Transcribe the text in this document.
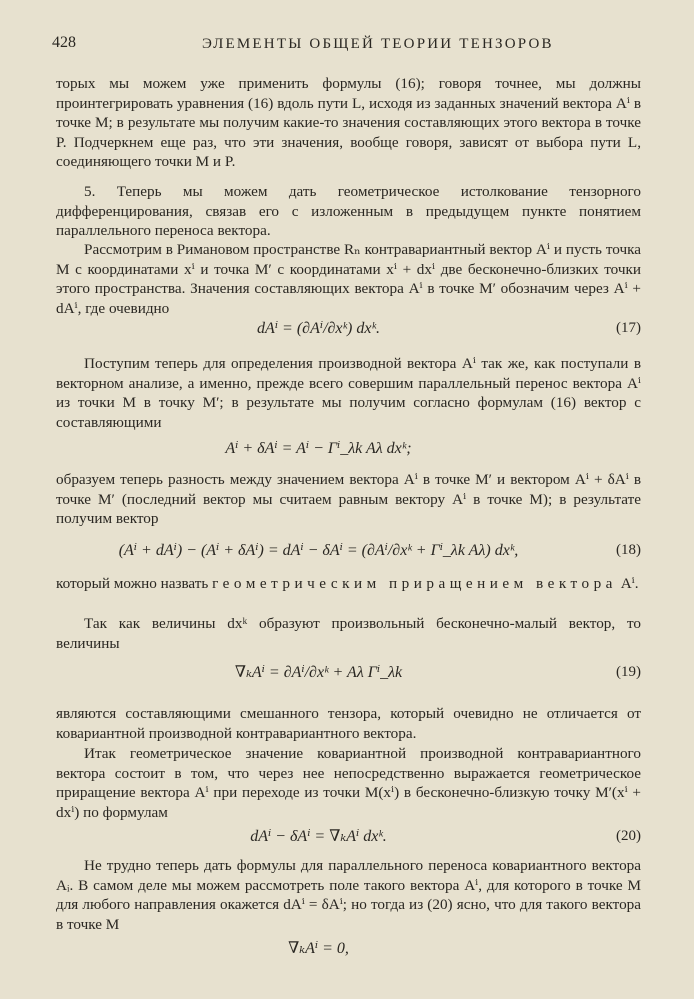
428	ЭЛЕМЕНТЫ ОБЩЕЙ ТЕОРИИ ТЕНЗОРОВ

торых мы можем уже применить формулы (16); говоря точнее, мы должны проинтегрировать уравнения (16) вдоль пути L, исходя из заданных значений вектора Aⁱ в точке M; в результате мы получим какие-то значения составляющих этого вектора в точке P. Подчеркнем еще раз, что эти значения, вообще говоря, зависят от выбора пути L, соединяющего точки M и P.

5. Теперь мы можем дать геометрическое истолкование тензорного дифференцирования, связав его с изложенным в предыдущем пункте понятием параллельного переноса вектора.

Рассмотрим в Римановом пространстве Rₙ контравариантный вектор Aⁱ и пусть точка M с координатами xⁱ и точка M′ с координатами xⁱ + dxⁱ две бесконечно-близких точки этого пространства. Значения составляющих вектора Aⁱ в точке M′ обозначим через Aⁱ + dAⁱ, где очевидно

dAⁱ = (∂Aⁱ/∂xᵏ) dxᵏ.	(17)

Поступим теперь для определения производной вектора Aⁱ так же, как поступали в векторном анализе, а именно, прежде всего совершим параллельный перенос вектора Aⁱ из точки M в точку M′; в результате мы получим согласно формулам (16) вектор с составляющими

Aⁱ + δAⁱ = Aⁱ − Γⁱ_λk Aλ dxᵏ;

образуем теперь разность между значением вектора Aⁱ в точке M′ и вектором Aⁱ + δAⁱ в точке M′ (последний вектор мы считаем равным вектору Aⁱ в точке M); в результате получим вектор

(Aⁱ + dAⁱ) − (Aⁱ + δAⁱ) = dAⁱ − δAⁱ = (∂Aⁱ/∂xᵏ + Γⁱ_λk Aλ) dxᵏ,	(18)

который можно назвать геометрическим приращением вектора Aⁱ.

Так как величины dxᵏ образуют произвольный бесконечно-малый вектор, то величины

∇ₖAⁱ = ∂Aⁱ/∂xᵏ + Aλ Γⁱ_λk	(19)

являются составляющими смешанного тензора, который очевидно не отличается от ковариантной производной контравариантного вектора.

Итак геометрическое значение ковариантной производной контравариантного вектора состоит в том, что через нее непосредственно выражается геометрическое приращение вектора Aⁱ при переходе из точки M(xⁱ) в бесконечно-близкую точку M′(xⁱ + dxⁱ) по формулам

dAⁱ − δAⁱ = ∇ₖAⁱ dxᵏ.	(20)

Не трудно теперь дать формулы для параллельного переноса ковариантного вектора Aᵢ. В самом деле мы можем рассмотреть поле такого вектора Aⁱ, для которого в точке M для любого направления окажется dAⁱ = δAⁱ; но тогда из (20) ясно, что для такого вектора в точке M

∇ₖAⁱ = 0,
